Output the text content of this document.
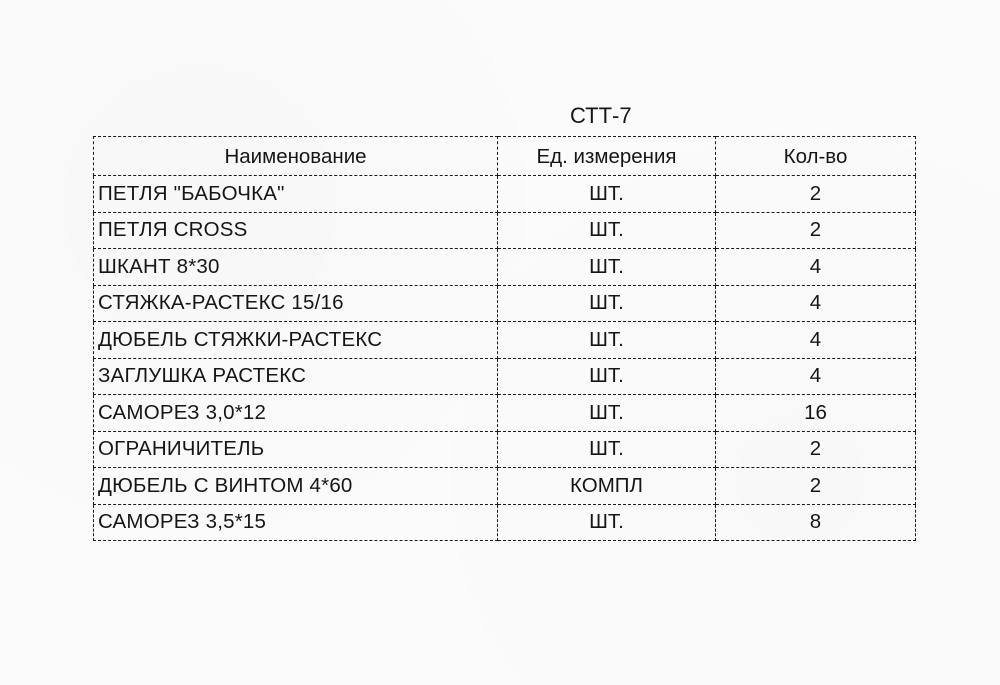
СТТ-7
Наименование	Ед. измерения	Кол-во
ПЕТЛЯ "БАБОЧКА"	ШТ.	2
ПЕТЛЯ CROSS	ШТ.	2
ШКАНТ 8*30	ШТ.	4
СТЯЖКА-РАСТЕКС 15/16	ШТ.	4
ДЮБЕЛЬ СТЯЖКИ-РАСТЕКС	ШТ.	4
ЗАГЛУШКА РАСТЕКС	ШТ.	4
САМОРЕЗ 3,0*12	ШТ.	16
ОГРАНИЧИТЕЛЬ	ШТ.	2
ДЮБЕЛЬ С ВИНТОМ 4*60	КОМПЛ	2
САМОРЕЗ 3,5*15	ШТ.	8
